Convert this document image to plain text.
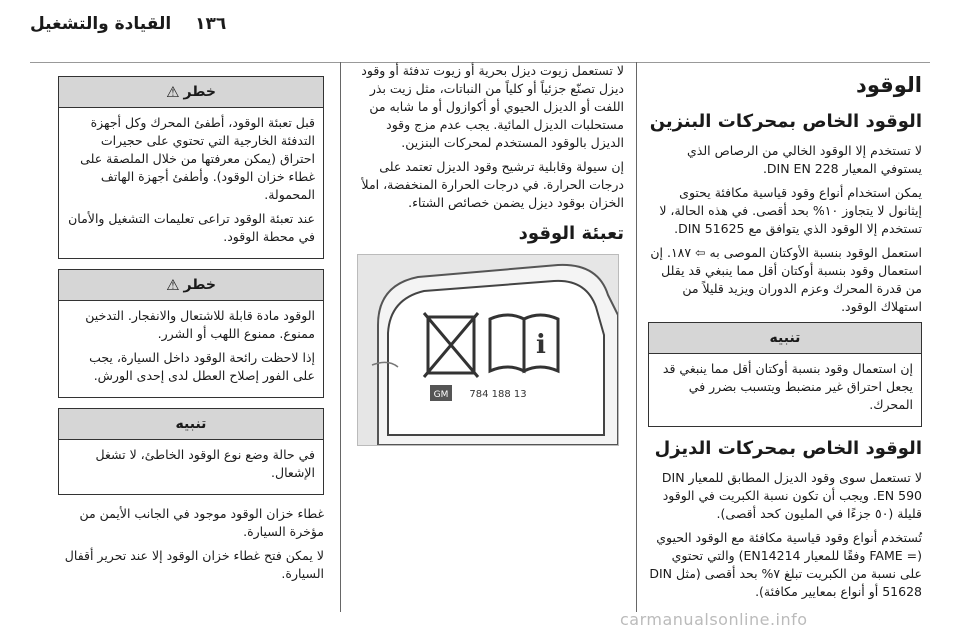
١٣٦
القيادة والتشغيل
الوقود
الوقود الخاص بمحركات البنزين

لا تستخدم إلا الوقود الخالي من الرصاص الذي يستوفي المعيار DIN EN 228.

يمكن استخدام أنواع وقود قياسية مكافئة يحتوى إيثانول لا يتجاوز ١٠% بحد أقصى. في هذه الحالة، لا تستخدم إلا الوقود الذي يتوافق مع DIN 51625.

استعمل الوقود بنسبة الأوكتان الموصى به ⇦ ١٨٧. إن استعمال وقود بنسبة أوكتان أقل مما ينبغي قد يقلل من قدرة المحرك وعزم الدوران ويزيد قليلاً من استهلاك الوقود.

تنبيه

إن استعمال وقود بنسبة أوكتان أقل مما ينبغي قد يجعل احتراق غير منضبط ويتسبب بضرر في المحرك.

الوقود الخاص بمحركات الديزل

لا تستعمل سوى وقود الديزل المطابق للمعيار DIN EN 590. ويجب أن تكون نسبة الكبريت في الوقود قليلة (٥٠ جزءًا في المليون كحد أقصى).

تُستخدم أنواع وقود قياسية مكافئة مع الوقود الحيوي (= FAME وفقًا للمعيار EN14214) والتي تحتوي على نسبة من الكبريت تبلغ ٧% بحد أقصى (مثل DIN 51628 أو أنواع بمعايير مكافئة).

لا تستعمل زيوت ديزل بحرية أو زيوت تدفئة أو وقود ديزل تصنّع جزئياً أو كلياً من النباتات، مثل زيت بذر اللفت أو الديزل الحيوي أو أكوازول أو ما شابه من مستحلبات الديزل المائية. يجب عدم مزج وقود الديزل بالوقود المستخدم لمحركات البنزين.

إن سيولة وقابلية ترشيح وقود الديزل تعتمد على درجات الحرارة. في درجات الحرارة المنخفضة، املأ الخزان بوقود ديزل يضمن خصائص الشتاء.

تعبئة الوقود
i
GM 13 188 784
خطر
⚠

قبل تعبئة الوقود، أطفئ المحرك وكل أجهزة التدفئة الخارجية التي تحتوي على حجيرات احتراق (يمكن معرفتها من خلال الملصقة على غطاء خزان الوقود). وأطفئ أجهزة الهاتف المحمولة.

عند تعبئة الوقود تراعى تعليمات التشغيل والأمان في محطة الوقود.

خطر
⚠

الوقود مادة قابلة للاشتعال والانفجار. التدخين ممنوع. ممنوع اللهب أو الشرر.

إذا لاحظت رائحة الوقود داخل السيارة، يجب على الفور إصلاح العطل لدى إحدى الورش.

تنبيه

في حالة وضع نوع الوقود الخاطئ، لا تشغل الإشعال.

غطاء خزان الوقود موجود في الجانب الأيمن من مؤخرة السيارة.

لا يمكن فتح غطاء خزان الوقود إلا عند تحرير أقفال السيارة.

carmanualsonline.info
